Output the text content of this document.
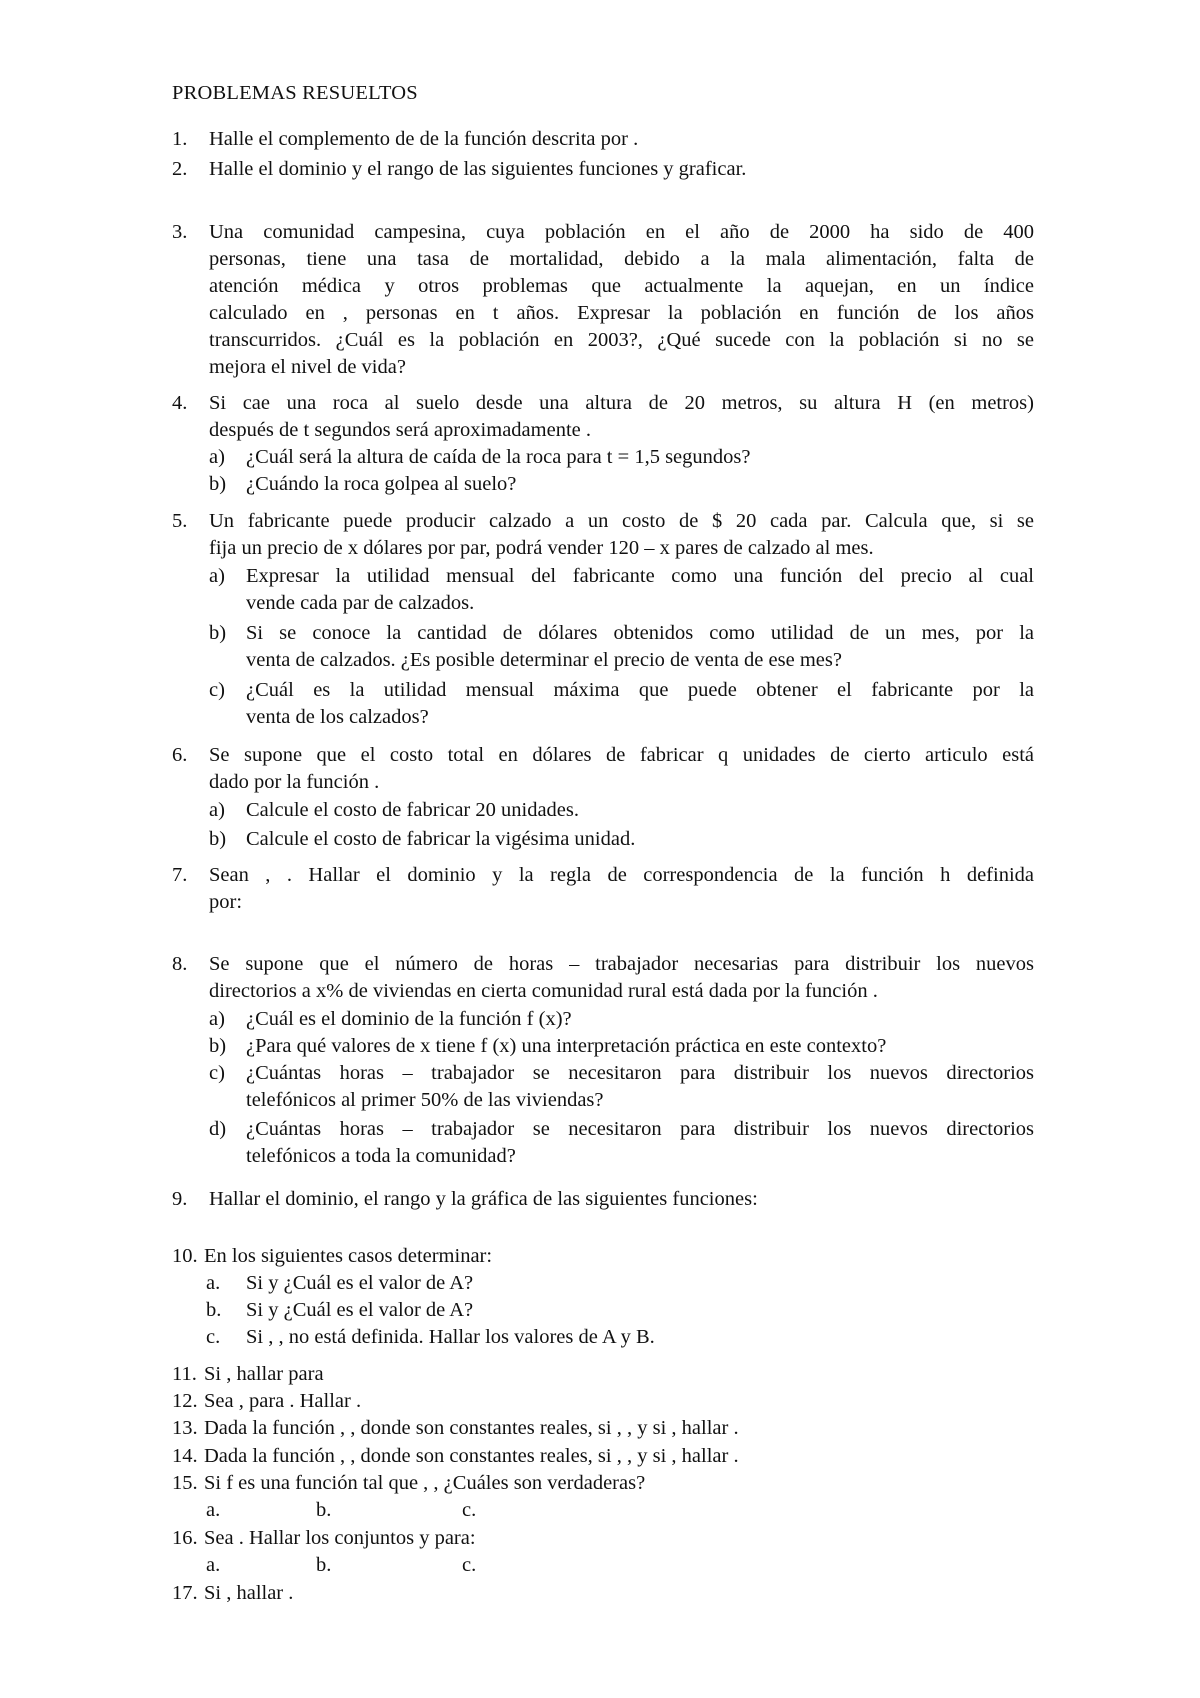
PROBLEMAS RESUELTOS
1. Halle el complemento de de la función descrita por .
2. Halle el dominio y el rango de las siguientes funciones y graficar.
3. Una comunidad campesina, cuya población en el año de 2000 ha sido de 400
personas, tiene una tasa de mortalidad, debido a la mala alimentación, falta de
atención médica y otros problemas que actualmente la aquejan, en un índice
calculado en , personas en t años. Expresar la población en función de los años
transcurridos. ¿Cuál es la población en 2003?, ¿Qué sucede con la población si no se
mejora el nivel de vida?
4. Si cae una roca al suelo desde una altura de 20 metros, su altura H (en metros)
después de t segundos será aproximadamente .
a) ¿Cuál será la altura de caída de la roca para t = 1,5 segundos?
b) ¿Cuándo la roca golpea al suelo?
5. Un fabricante puede producir calzado a un costo de $ 20 cada par. Calcula que, si se
fija un precio de x dólares por par, podrá vender 120 – x pares de calzado al mes.
a) Expresar la utilidad mensual del fabricante como una función del precio al cual
vende cada par de calzados.
b) Si se conoce la cantidad de dólares obtenidos como utilidad de un mes, por la
venta de calzados. ¿Es posible determinar el precio de venta de ese mes?
c) ¿Cuál es la utilidad mensual máxima que puede obtener el fabricante por la
venta de los calzados?
6. Se supone que el costo total en dólares de fabricar q unidades de cierto articulo está
dado por la función .
a) Calcule el costo de fabricar 20 unidades.
b) Calcule el costo de fabricar la vigésima unidad.
7. Sean , . Hallar el dominio y la regla de correspondencia de la función h definida
por:
8. Se supone que el número de horas – trabajador necesarias para distribuir los nuevos
directorios a x% de viviendas en cierta comunidad rural está dada por la función .
a) ¿Cuál es el dominio de la función f (x)?
b) ¿Para qué valores de x tiene f (x) una interpretación práctica en este contexto?
c) ¿Cuántas horas – trabajador se necesitaron para distribuir los nuevos directorios
telefónicos al primer 50% de las viviendas?
d) ¿Cuántas horas – trabajador se necesitaron para distribuir los nuevos directorios
telefónicos a toda la comunidad?
9. Hallar el dominio, el rango y la gráfica de las siguientes funciones:
10. En los siguientes casos determinar:
a. Si y ¿Cuál es el valor de A?
b. Si y ¿Cuál es el valor de A?
c. Si , , no está definida. Hallar los valores de A y B.
11. Si , hallar para
12. Sea , para . Hallar .
13. Dada la función , , donde son constantes reales, si , , y si , hallar .
14. Dada la función , , donde son constantes reales, si , , y si , hallar .
15. Si f es una función tal que , , ¿Cuáles son verdaderas?
a.	b.	c.
16. Sea . Hallar los conjuntos y para:
a.	b.	c.
17. Si , hallar .
